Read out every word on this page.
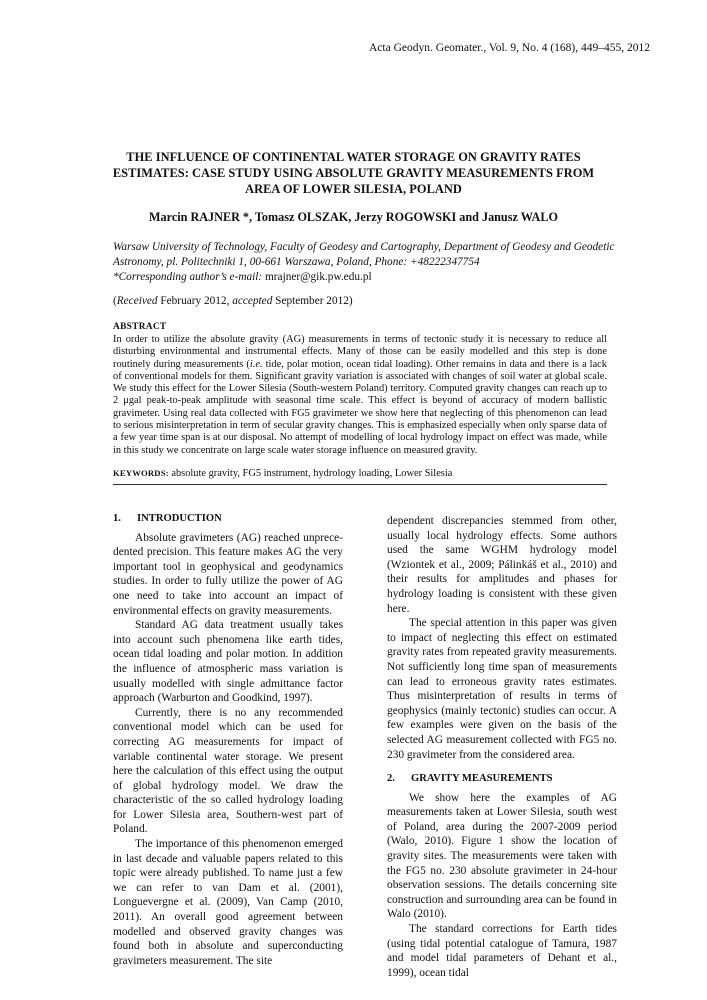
Acta Geodyn. Geomater., Vol. 9, No. 4 (168), 449–455, 2012
THE INFLUENCE OF CONTINENTAL WATER STORAGE ON GRAVITY RATES
ESTIMATES: CASE STUDY USING ABSOLUTE GRAVITY MEASUREMENTS FROM
AREA OF LOWER SILESIA, POLAND
Marcin RAJNER *, Tomasz OLSZAK, Jerzy ROGOWSKI and Janusz WALO
Warsaw University of Technology, Faculty of Geodesy and Cartography, Department of Geodesy and Geodetic
Astronomy, pl. Politechniki 1, 00-661 Warszawa, Poland, Phone: +48222347754
*Corresponding author’s e-mail: mrajner@gik.pw.edu.pl
(Received February 2012, accepted September 2012)
ABSTRACT
In order to utilize the absolute gravity (AG) measurements in terms of tectonic study it is necessary to reduce all disturbing environmental and instrumental effects. Many of those can be easily modelled and this step is done routinely during measurements (i.e. tide, polar motion, ocean tidal loading). Other remains in data and there is a lack of conventional models for them. Significant gravity variation is associated with changes of soil water at global scale. We study this effect for the Lower Silesia (South-western Poland) territory. Computed gravity changes can reach up to 2 μgal peak-to-peak amplitude with seasonal time scale. This effect is beyond of accuracy of modern ballistic gravimeter. Using real data collected with FG5 gravimeter we show here that neglecting of this phenomenon can lead to serious misinterpretation in term of secular gravity changes. This is emphasized especially when only sparse data of a few year time span is at our disposal. No attempt of modelling of local hydrology impact on effect was made, while in this study we concentrate on large scale water storage influence on measured gravity.
KEYWORDS: absolute gravity, FG5 instrument, hydrology loading, Lower Silesia
1. INTRODUCTION

Absolute gravimeters (AG) reached unprece-dented precision. This feature makes AG the very important tool in geophysical and geodynamics studies. In order to fully utilize the power of AG one need to take into account an impact of environmental effects on gravity measurements.

Standard AG data treatment usually takes into account such phenomena like earth tides, ocean tidal loading and polar motion. In addition the influence of atmospheric mass variation is usually modelled with single admittance factor approach (Warburton and Goodkind, 1997).

Currently, there is no any recommended conventional model which can be used for correcting AG measurements for impact of variable continental water storage. We present here the calculation of this effect using the output of global hydrology model. We draw the characteristic of the so called hydrology loading for Lower Silesia area, Southern-west part of Poland.

The importance of this phenomenon emerged in last decade and valuable papers related to this topic were already published. To name just a few we can refer to van Dam et al. (2001), Longuevergne et al. (2009), Van Camp (2010, 2011). An overall good agreement between modelled and observed gravity changes was found both in absolute and superconducting gravimeters measurement. The site

dependent discrepancies stemmed from other, usually local hydrology effects. Some authors used the same WGHM hydrology model (Wziontek et al., 2009; Pálinkáš et al., 2010) and their results for amplitudes and phases for hydrology loading is consistent with these given here.

The special attention in this paper was given to impact of neglecting this effect on estimated gravity rates from repeated gravity measurements. Not sufficiently long time span of measurements can lead to erroneous gravity rates estimates. Thus misinterpretation of results in terms of geophysics (mainly tectonic) studies can occur. A few examples were given on the basis of the selected AG measurement collected with FG5 no. 230 gravimeter from the considered area.

2. GRAVITY MEASUREMENTS

We show here the examples of AG measurements taken at Lower Silesia, south west of Poland, area during the 2007-2009 period (Walo, 2010). Figure 1 show the location of gravity sites. The measurements were taken with the FG5 no. 230 absolute gravimeter in 24-hour observation sessions. The details concerning site construction and surrounding area can be found in Walo (2010).

The standard corrections for Earth tides (using tidal potential catalogue of Tamura, 1987 and model tidal parameters of Dehant et al., 1999), ocean tidal
